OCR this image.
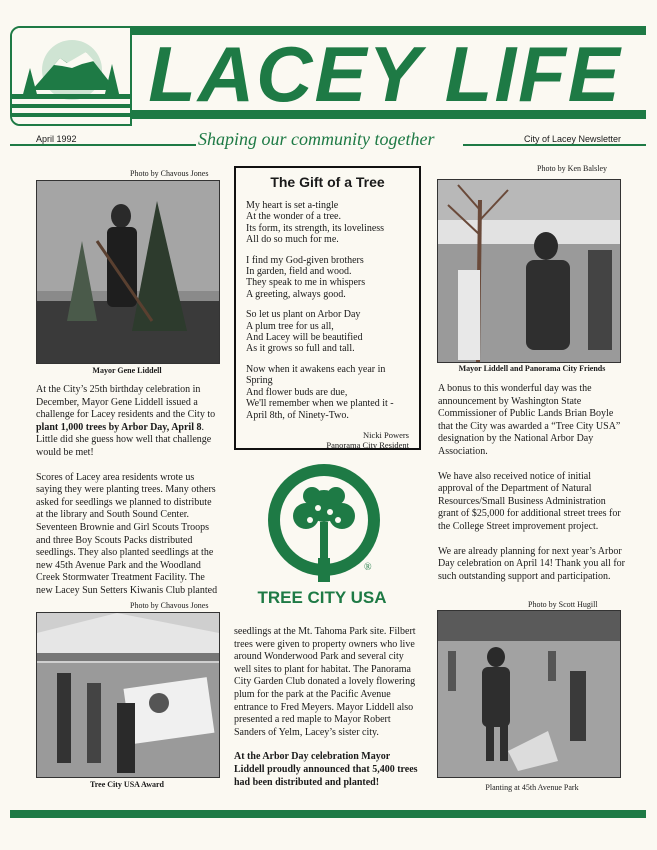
LACEY LIFE
April 1992	Shaping our community together	City of Lacey Newsletter
Photo by Chavous Jones
Mayor Gene Liddell

At the City’s 25th birthday celebration in December, Mayor Gene Liddell issued a challenge for Lacey residents and the City to plant 1,000 trees by Arbor Day, April 8. Little did she guess how well that challenge would be met!

Scores of Lacey area residents wrote us saying they were planting trees. Many others asked for seedlings we planned to distribute at the library and South Sound Center. Seventeen Brownie and Girl Scouts Troops and three Boy Scouts Packs distributed seedlings. They also planted seedlings at the new 45th Avenue Park and the Woodland Creek Stormwater Treatment Facility. The new Lacey Sun Setters Kiwanis Club planted

Photo by Chavous Jones
Tree City USA Award
The Gift of a Tree
My heart is set a-tingle
At the wonder of a tree.
Its form, its strength, its loveliness
All do so much for me.
I find my God-given brothers
In garden, field and wood.
They speak to me in whispers
A greeting, always good.
So let us plant on Arbor Day
A plum tree for us all,
And Lacey will be beautified
As it grows so full and tall.
Now when it awakens each year in
Spring
And flower buds are due,
We'll remember when we planted it -
April 8th, of Ninety-Two.
Nicki Powers
Panorama City Resident
®
TREE CITY USA

seedlings at the Mt. Tahoma Park site. Filbert trees were given to property owners who live around Wonderwood Park and several city well sites to plant for habitat. The Panorama City Garden Club donated a lovely flowering plum for the park at the Pacific Avenue entrance to Fred Meyers. Mayor Liddell also presented a red maple to Mayor Robert Sanders of Yelm, Lacey’s sister city.

At the Arbor Day celebration Mayor Liddell proudly announced that 5,400 trees had been distributed and planted!

Photo by Ken Balsley
Mayor Liddell and Panorama City Friends

A bonus to this wonderful day was the announcement by Washington State Commissioner of Public Lands Brian Boyle that the City was awarded a “Tree City USA” designation by the National Arbor Day Association.

We have also received notice of initial approval of the Department of Natural Resources/Small Business Administration grant of $25,000 for additional street trees for the College Street improvement project.

We are already planning for next year’s Arbor Day celebration on April 14! Thank you all for such outstanding support and participation.

Photo by Scott Hugill
Planting at 45th Avenue Park
